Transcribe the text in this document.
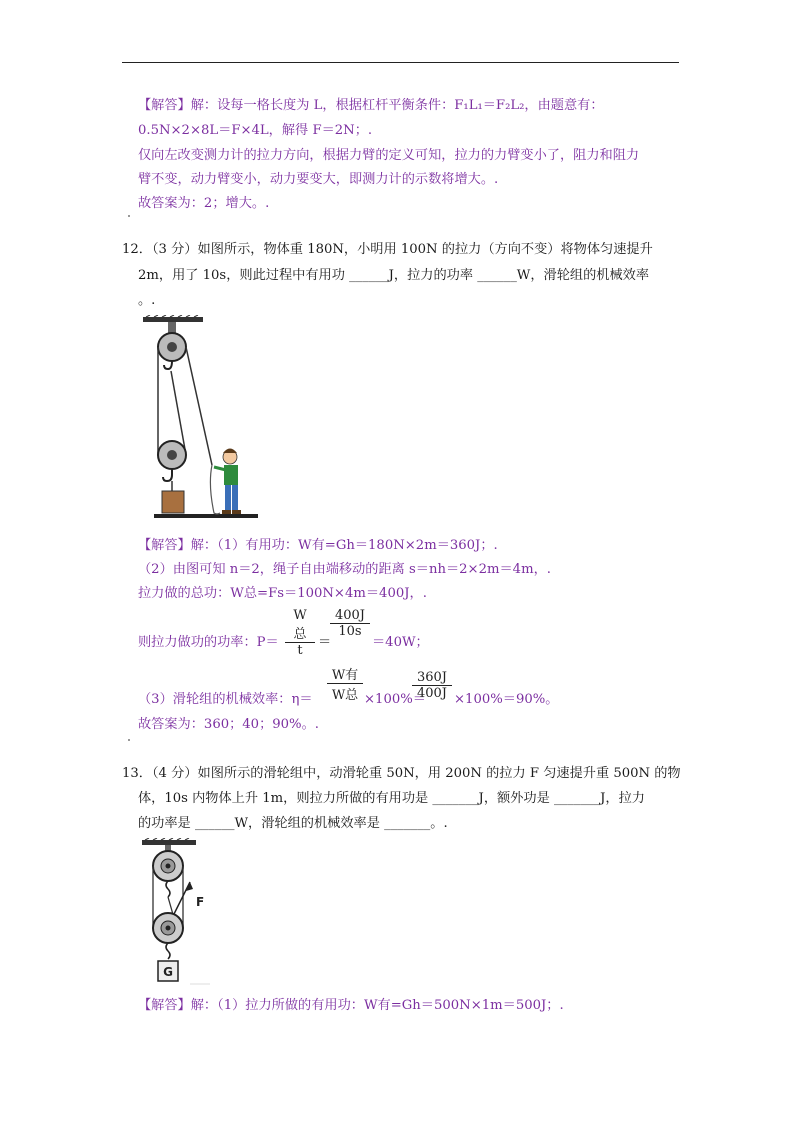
【解答】解：设每一格长度为 L，根据杠杆平衡条件：F₁L₁＝F₂L₂，由题意有：
0.5N×2×8L＝F×4L，解得 F＝2N；.
仅向左改变测力计的拉力方向，根据力臂的定义可知，拉力的力臂变小了，阻力和阻力
臂不变，动力臂变小，动力要变大，即测力计的示数将增大。.
故答案为：2；增大。.
12．（3 分）如图所示，物体重 180N，小明用 100N 的拉力（方向不变）将物体匀速提升
2m，用了 10s，则此过程中有用功 ______J，拉力的功率 ______W，滑轮组的机械效率
。.
【解答】解：（1）有用功：W有=Gh＝180N×2m＝360J；.
（2）由图可知 n＝2，绳子自由端移动的距离 s＝nh＝2×2m＝4m，.
拉力做的总功：W总=Fs＝100N×4m＝400J，.
则拉力做功的功率：P＝
W总
t
＝
$\frac{400J}{10s}$
＝40W；
（3）滑轮组的机械效率：η＝
W有
W总 ×100%＝
$\frac{360J}{400J} \times 100\%=90\%$。
故答案为：360；40；90%。.
13．（4 分）如图所示的滑轮组中，动滑轮重 50N，用 200N 的拉力 F 匀速提升重 500N 的物
体，10s 内物体上升 1m，则拉力所做的有用功是 _______J，额外功是 _______J，拉力
的功率是 ______W，滑轮组的机械效率是 _______。.
F
G
【解答】解：（1）拉力所做的有用功：W有=Gh＝500N×1m＝500J；.
